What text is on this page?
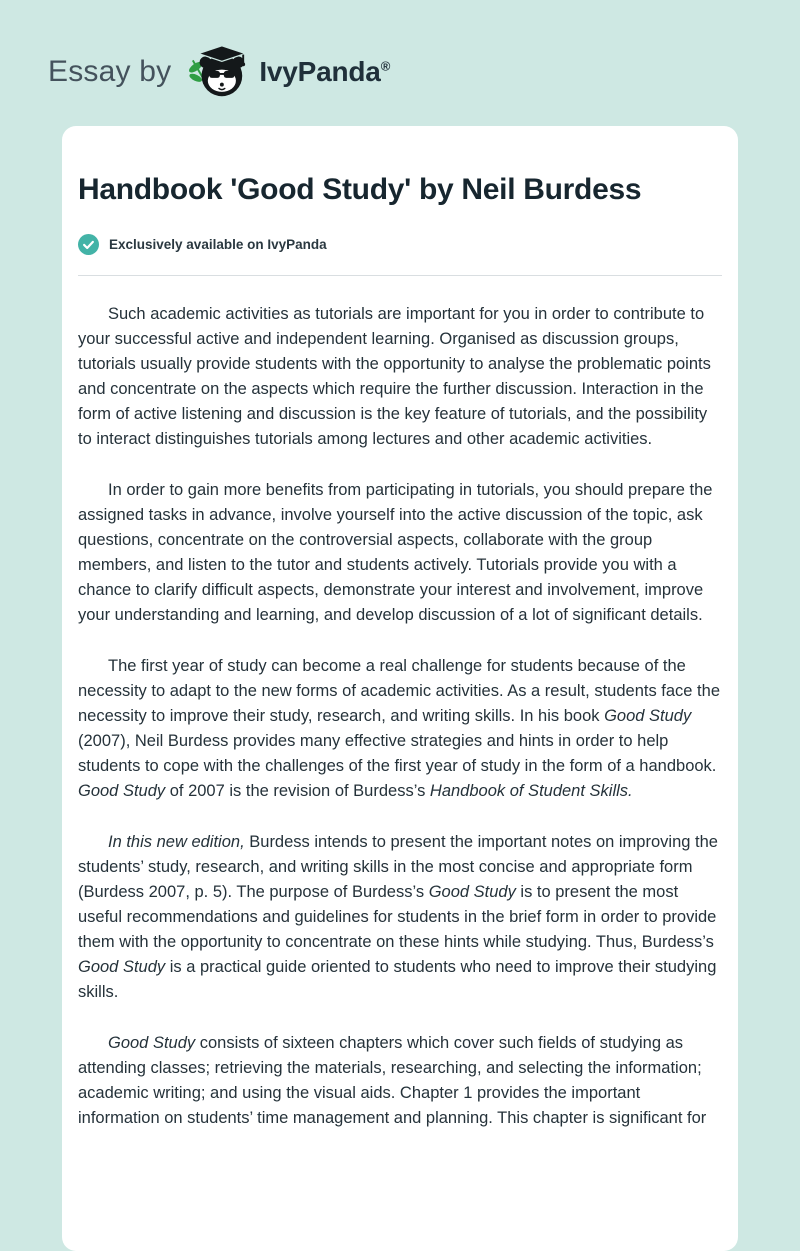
Essay by	IvyPanda®
Handbook 'Good Study' by Neil Burdess
Exclusively available on IvyPanda

Such academic activities as tutorials are important for you in order to contribute to your successful active and independent learning. Organised as discussion groups, tutorials usually provide students with the opportunity to analyse the problematic points and concentrate on the aspects which require the further discussion. Interaction in the form of active listening and discussion is the key feature of tutorials, and the possibility to interact distinguishes tutorials among lectures and other academic activities.

In order to gain more benefits from participating in tutorials, you should prepare the assigned tasks in advance, involve yourself into the active discussion of the topic, ask questions, concentrate on the controversial aspects, collaborate with the group members, and listen to the tutor and students actively. Tutorials provide you with a chance to clarify difficult aspects, demonstrate your interest and involvement, improve your understanding and learning, and develop discussion of a lot of significant details.

The first year of study can become a real challenge for students because of the necessity to adapt to the new forms of academic activities. As a result, students face the necessity to improve their study, research, and writing skills. In his book Good Study (2007), Neil Burdess provides many effective strategies and hints in order to help students to cope with the challenges of the first year of study in the form of a handbook. Good Study of 2007 is the revision of Burdess’s Handbook of Student Skills.

In this new edition, Burdess intends to present the important notes on improving the students’ study, research, and writing skills in the most concise and appropriate form (Burdess 2007, p. 5). The purpose of Burdess’s Good Study is to present the most useful recommendations and guidelines for students in the brief form in order to provide them with the opportunity to concentrate on these hints while studying. Thus, Burdess’s Good Study is a practical guide oriented to students who need to improve their studying skills.

Good Study consists of sixteen chapters which cover such fields of studying as attending classes; retrieving the materials, researching, and selecting the information; academic writing; and using the visual aids. Chapter 1 provides the important information on students’ time management and planning. This chapter is significant for
